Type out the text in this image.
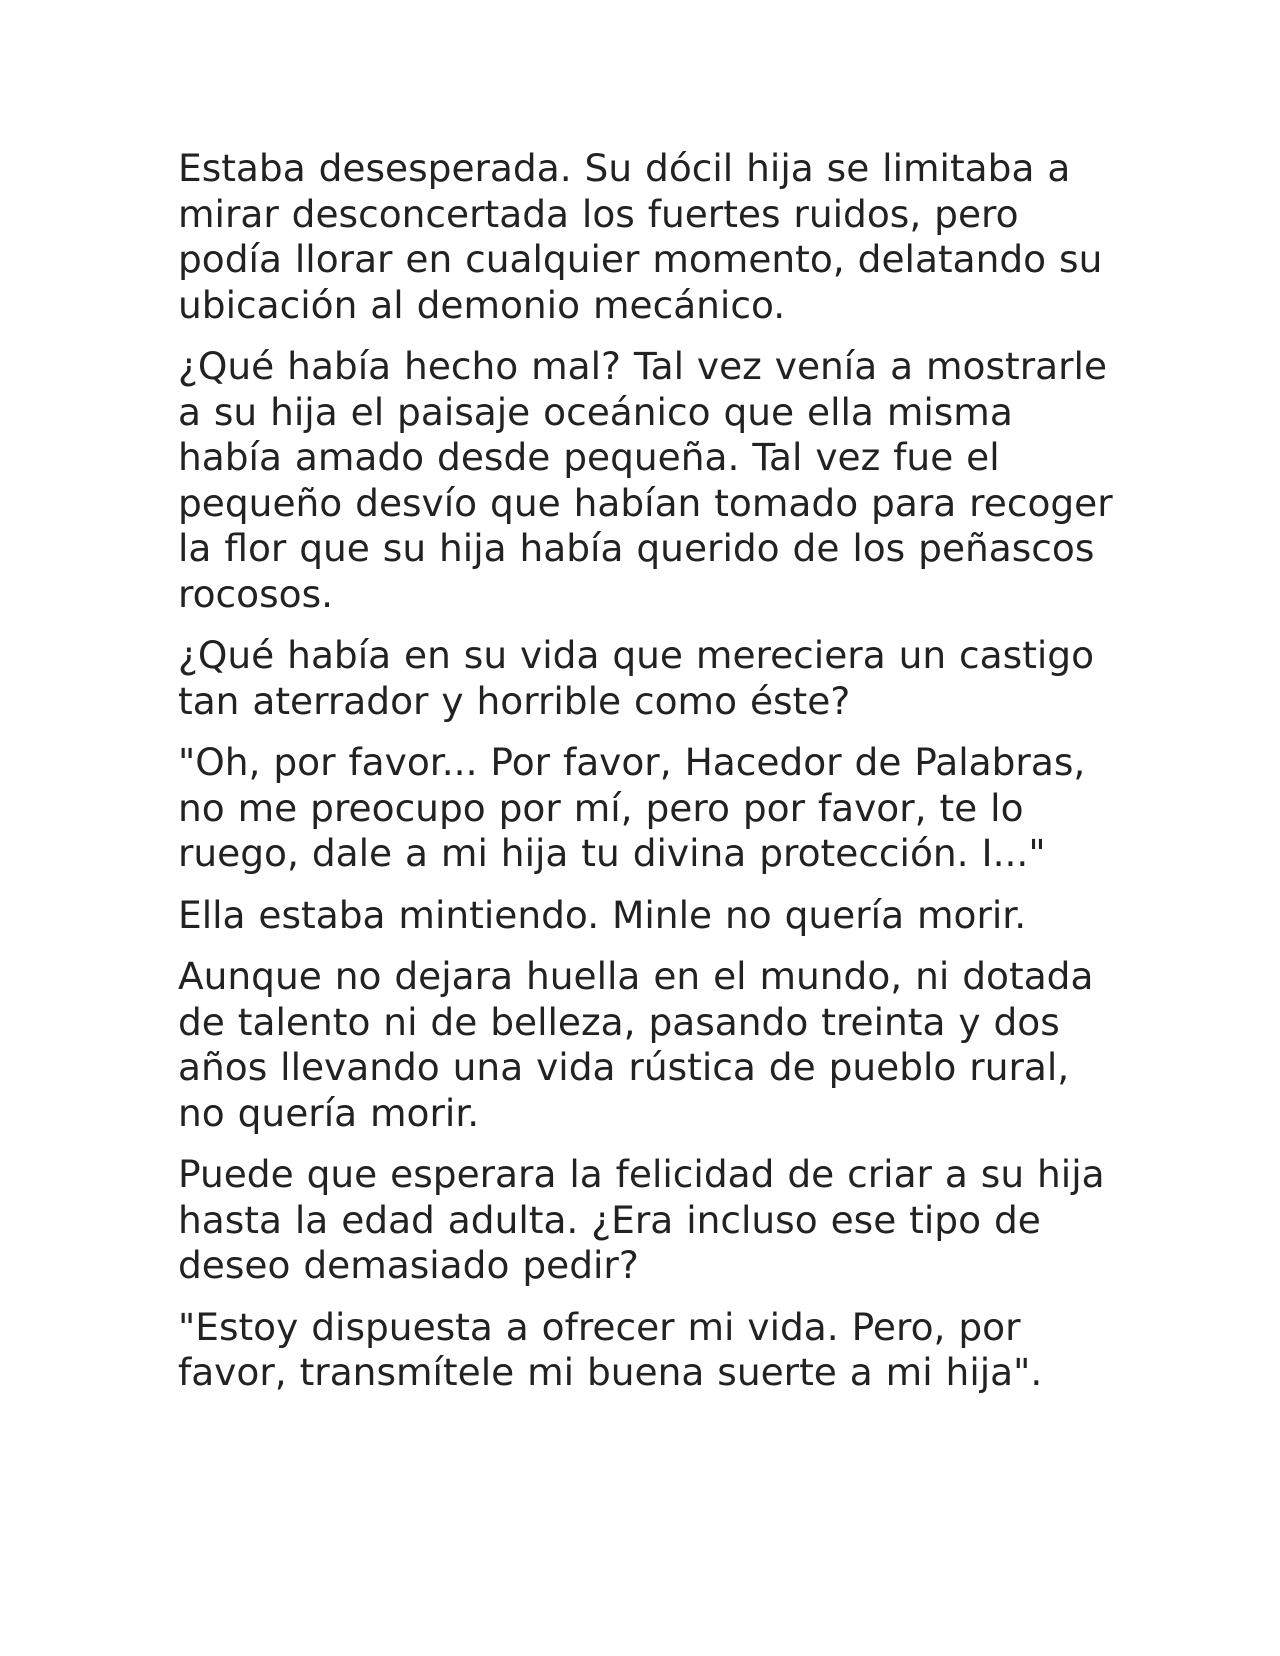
Estaba desesperada. Su dócil hija se limitaba a mirar desconcertada los fuertes ruidos, pero podía llorar en cualquier momento, delatando su ubicación al demonio mecánico.

¿Qué había hecho mal? Tal vez venía a mostrarle a su hija el paisaje oceánico que ella misma había amado desde pequeña. Tal vez fue el pequeño desvío que habían tomado para recoger la flor que su hija había querido de los peñascos rocosos.

¿Qué había en su vida que mereciera un castigo tan aterrador y horrible como éste?

"Oh, por favor... Por favor, Hacedor de Palabras, no me preocupo por mí, pero por favor, te lo ruego, dale a mi hija tu divina protección. I..."

Ella estaba mintiendo. Minle no quería morir.

Aunque no dejara huella en el mundo, ni dotada de talento ni de belleza, pasando treinta y dos años llevando una vida rústica de pueblo rural, no quería morir.

Puede que esperara la felicidad de criar a su hija hasta la edad adulta. ¿Era incluso ese tipo de deseo demasiado pedir?

"Estoy dispuesta a ofrecer mi vida. Pero, por favor, transmítele mi buena suerte a mi hija".
